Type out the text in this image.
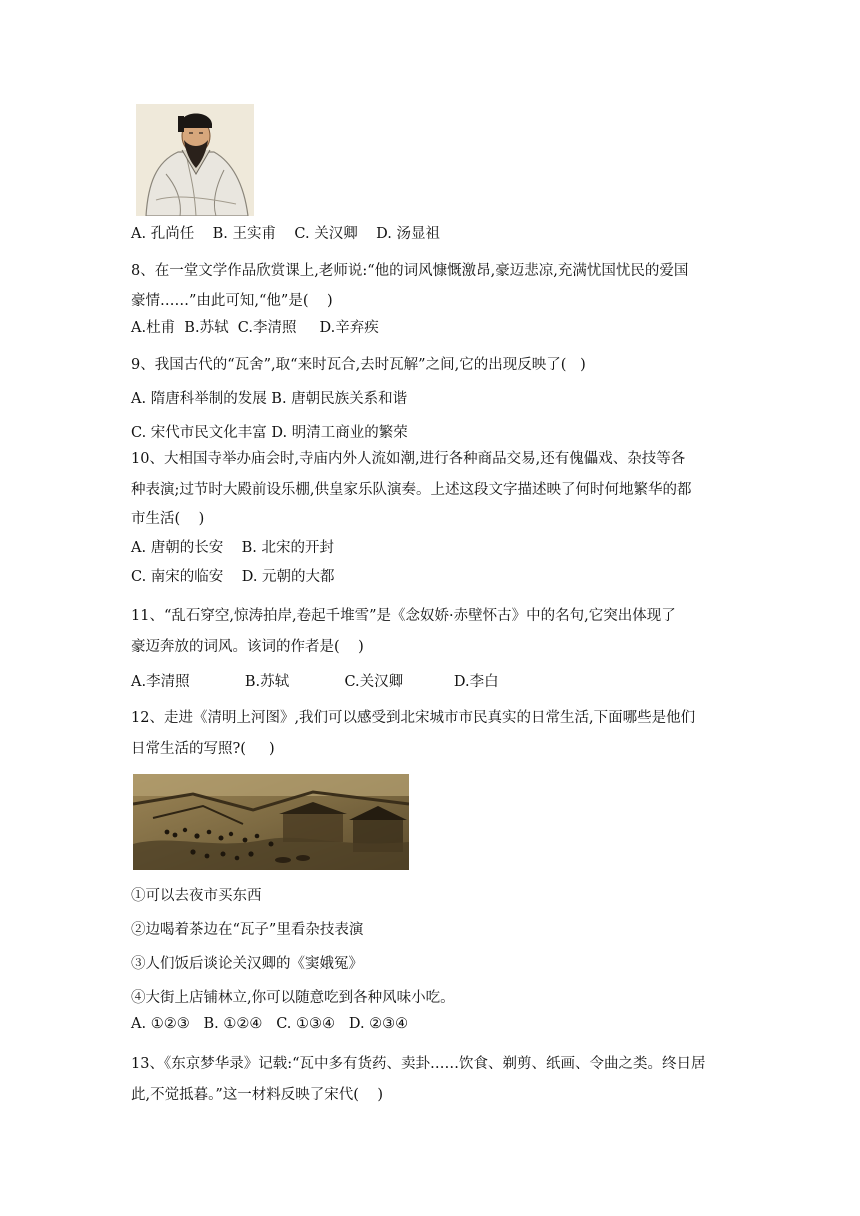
A. 孔尚任    B. 王实甫    C. 关汉卿    D. 汤显祖
8、在一堂文学作品欣赏课上,老师说:“他的词风慷慨激昂,豪迈悲凉,充满忧国忧民的爱国
豪情……”由此可知,“他”是(    )
A.杜甫  B.苏轼  C.李清照     D.辛弃疾
9、我国古代的“瓦舍”,取“来时瓦合,去时瓦解”之间,它的出现反映了(   )
A. 隋唐科举制的发展 B. 唐朝民族关系和谐
C. 宋代市民文化丰富 D. 明清工商业的繁荣
10、大相国寺举办庙会时,寺庙内外人流如潮,进行各种商品交易,还有傀儡戏、杂技等各
种表演;过节时大殿前设乐棚,供皇家乐队演奏。上述这段文字描述映了何时何地繁华的都
市生活(    )
A. 唐朝的长安    B. 北宋的开封
C. 南宋的临安    D. 元朝的大都
11、“乱石穿空,惊涛拍岸,卷起千堆雪”是《念奴娇·赤壁怀古》中的名句,它突出体现了
豪迈奔放的词风。该词的作者是(    )
A.李清照            B.苏轼            C.关汉卿           D.李白
12、走进《清明上河图》,我们可以感受到北宋城市市民真实的日常生活,下面哪些是他们
日常生活的写照?(     )
①可以去夜市买东西
②边喝着茶边在“瓦子”里看杂技表演
③人们饭后谈论关汉卿的《窦娥冤》
④大街上店铺林立,你可以随意吃到各种风味小吃。
A. ①②③   B. ①②④   C. ①③④   D. ②③④
13、《东京梦华录》记载:“瓦中多有货药、卖卦……饮食、剃剪、纸画、令曲之类。终日居
此,不觉抵暮。”这一材料反映了宋代(    )
